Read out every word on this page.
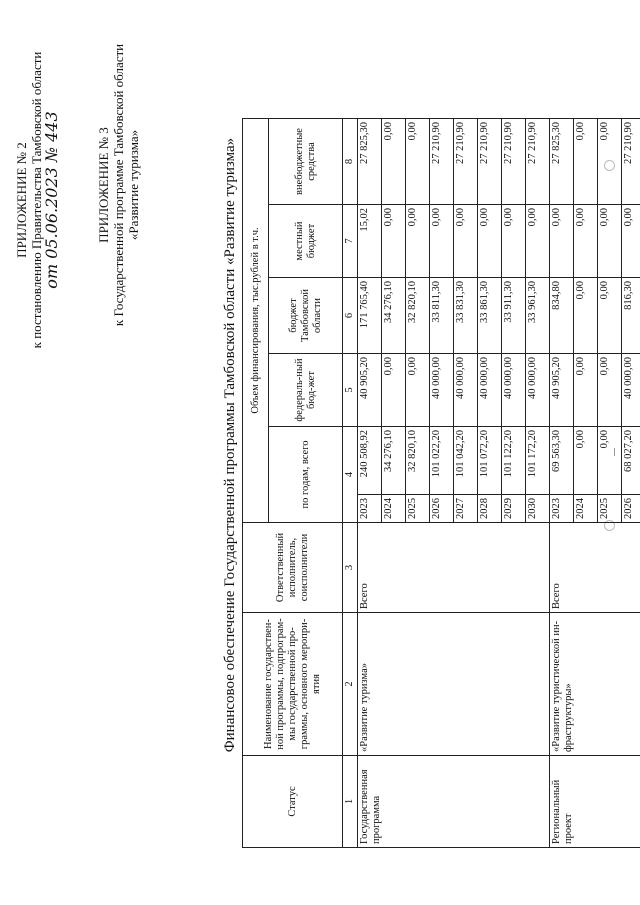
ПРИЛОЖЕНИЕ № 2 к постановлению Правительства Тамбовской области
от 05.06.2023 № 443	ПРИЛОЖЕНИЕ № 3 к Государственной программе Тамбовской области «Развитие туризма»	Финансовое обеспечение Государственной программы Тамбовской области «Развитие туризма»
Статус	Наименование государствен-ной программы, подпрограм-мы государственной про-граммы, основного меропри-ятия	Ответственный исполнитель, соисполнители	Объем финансирования, тыс.рублей в т.ч.					
			по годам, всего		федераль-ный бюд-жет	бюджет Тамбовской области	местный бюджет	внебюджетные средства
1	2	3	4		5	6	7	8
Государственная программа	«Развитие туризма»	Всего	2023	240 508,92	40 905,20	171 765,40	15,02	27 825,30
			2024	34 276,10	0,00	34 276,10	0,00	0,00
			2025	32 820,10	0,00	32 820,10	0,00	0,00
			2026	101 022,20	40 000,00	33 811,30	0,00	27 210,90
			2027	101 042,20	40 000,00	33 831,30	0,00	27 210,90
			2028	101 072,20	40 000,00	33 861,30	0,00	27 210,90
			2029	101 122,20	40 000,00	33 911,30	0,00	27 210,90
			2030	101 172,20	40 000,00	33 961,30	0,00	27 210,90
Региональный проект	«Развитие туристической ин-фраструктуры»	Всего	2023	69 563,30	40 905,20	834,80	0,00	27 825,30
			2024	0,00	0,00	0,00	0,00	0,00
			2025	0,00	0,00	0,00	0,00	0,00
			2026	68 027,20	40 000,00	816,30	0,00	27 210,90
